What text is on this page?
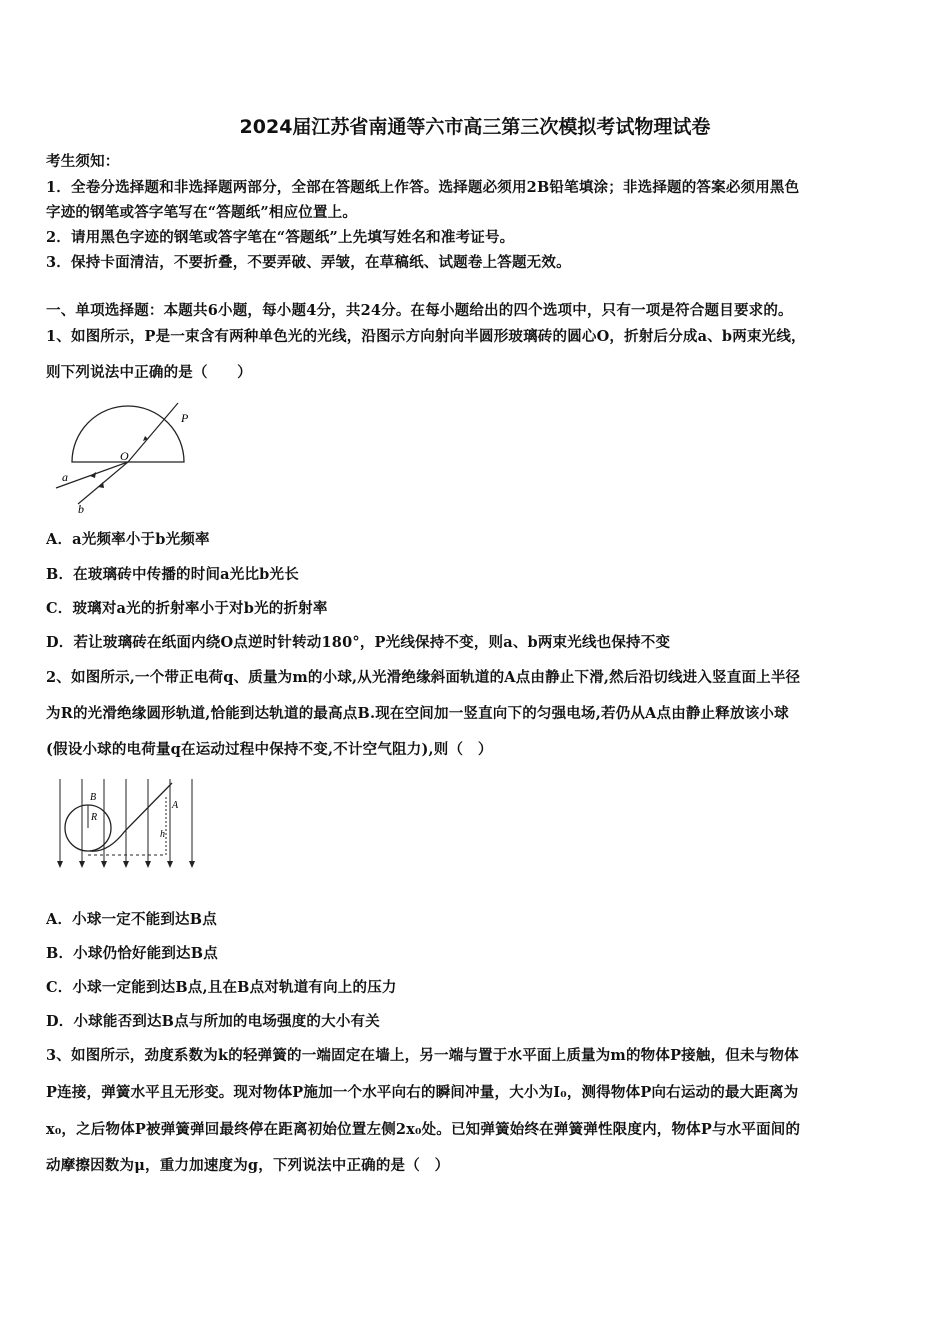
2024届江苏省南通等六市高三第三次模拟考试物理试卷
考生须知：
1．全卷分选择题和非选择题两部分，全部在答题纸上作答。选择题必须用2B铅笔填涂；非选择题的答案必须用黑色
字迹的钢笔或答字笔写在“答题纸”相应位置上。
2．请用黑色字迹的钢笔或答字笔在“答题纸”上先填写姓名和准考证号。
3．保持卡面清洁，不要折叠，不要弄破、弄皱，在草稿纸、试题卷上答题无效。
一、单项选择题：本题共6小题，每小题4分，共24分。在每小题给出的四个选项中，只有一项是符合题目要求的。
1、如图所示，P是一束含有两种单色光的光线，沿图示方向射向半圆形玻璃砖的圆心O，折射后分成a、b两束光线，
则下列说法中正确的是（　　）
P
O
a
b
A．a光频率小于b光频率
B．在玻璃砖中传播的时间a光比b光长
C．玻璃对a光的折射率小于对b光的折射率
D．若让玻璃砖在纸面内绕O点逆时针转动180°，P光线保持不变，则a、b两束光线也保持不变
2、如图所示,一个带正电荷q、质量为m的小球,从光滑绝缘斜面轨道的A点由静止下滑,然后沿切线进入竖直面上半径
为R的光滑绝缘圆形轨道,恰能到达轨道的最高点B.现在空间加一竖直向下的匀强电场,若仍从A点由静止释放该小球
(假设小球的电荷量q在运动过程中保持不变,不计空气阻力),则（　）
B
R
A
h
A．小球一定不能到达B点
B．小球仍恰好能到达B点
C．小球一定能到达B点,且在B点对轨道有向上的压力
D．小球能否到达B点与所加的电场强度的大小有关
3、如图所示，劲度系数为k的轻弹簧的一端固定在墙上，另一端与置于水平面上质量为m的物体P接触，但未与物体
P连接，弹簧水平且无形变。现对物体P施加一个水平向右的瞬间冲量，大小为I₀，测得物体P向右运动的最大距离为
x₀，之后物体P被弹簧弹回最终停在距离初始位置左侧2x₀处。已知弹簧始终在弹簧弹性限度内，物体P与水平面间的
动摩擦因数为μ，重力加速度为g，下列说法中正确的是（　）
